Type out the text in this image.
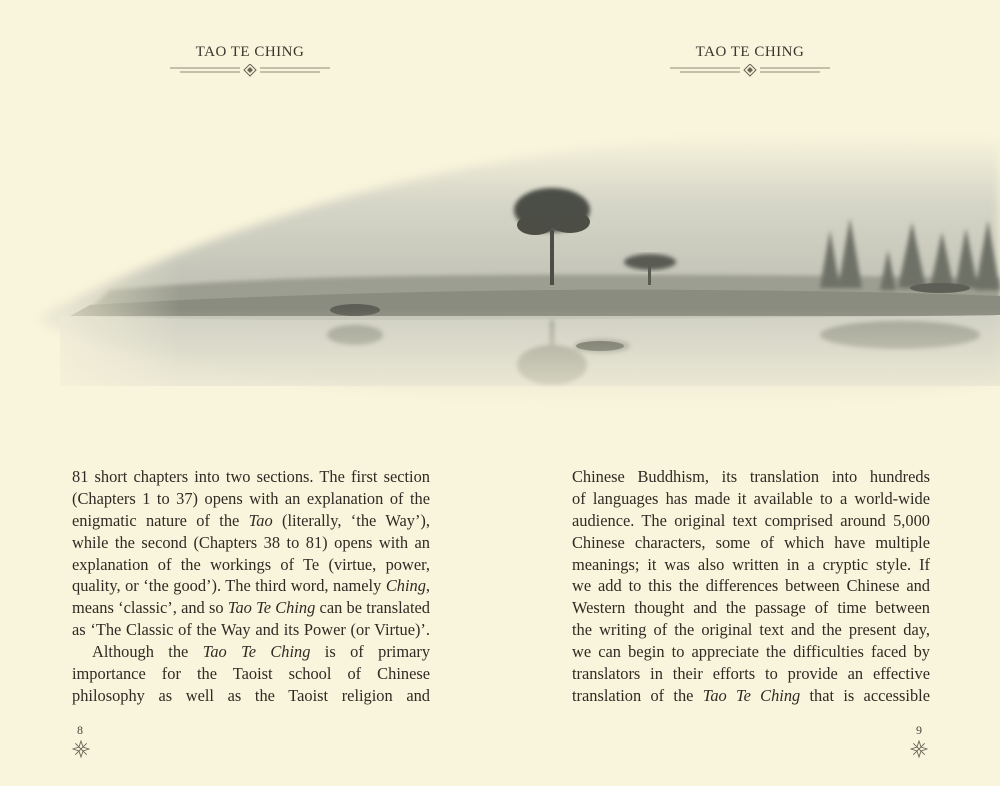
TAO TE CHING
81 short chapters into two sections. The first section
(Chapters 1 to 37) opens with an explanation of the
enigmatic nature of the Tao (literally, ‘the Way’),
while the second (Chapters 38 to 81) opens with an
explanation of the workings of Te (virtue, power,
quality, or ‘the good’). The third word, namely Ching,
means ‘classic’, and so Tao Te Ching can be translated
as ‘The Classic of the Way and its Power (or Virtue)’.
Although the Tao Te Ching is of primary
importance for the Taoist school of Chinese
philosophy as well as the Taoist religion and
8
TAO TE CHING
Chinese Buddhism, its translation into hundreds
of languages has made it available to a world-wide
audience. The original text comprised around 5,000
Chinese characters, some of which have multiple
meanings; it was also written in a cryptic style. If
we add to this the differences between Chinese and
Western thought and the passage of time between
the writing of the original text and the present day,
we can begin to appreciate the difficulties faced by
translators in their efforts to provide an effective
translation of the Tao Te Ching that is accessible
9
